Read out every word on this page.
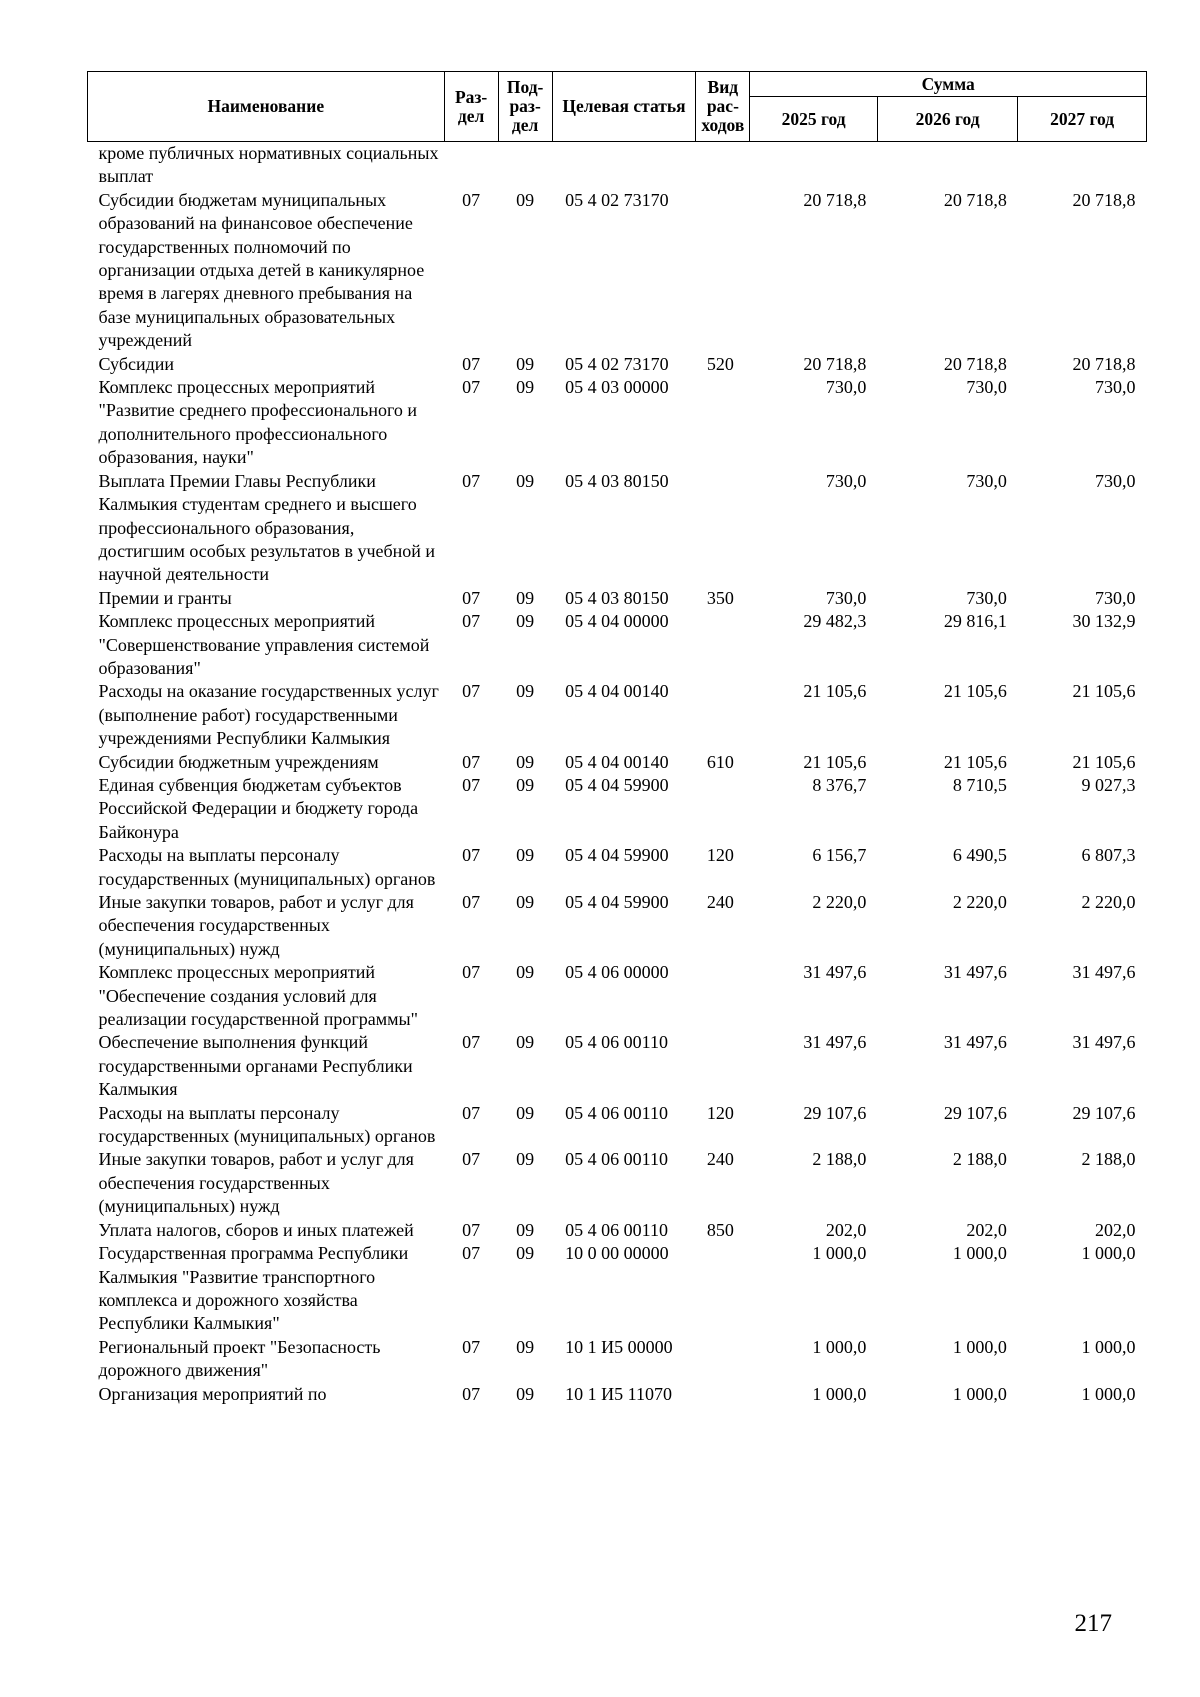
Наименование	Раз- дел	Под- раз- дел	Целевая статья	Вид рас- ходов	Сумма		
					2025 год	2026 год	2027 год
кроме публичных нормативных социальных выплат							
Субсидии бюджетам муниципальных образований на финансовое обеспечение государственных полномочий по организации отдыха детей в каникулярное время в лагерях дневного пребывания на базе муниципальных образовательных учреждений	07	09	05 4 02 73170		20 718,8	20 718,8	20 718,8
Субсидии	07	09	05 4 02 73170	520	20 718,8	20 718,8	20 718,8
Комплекс процессных мероприятий "Развитие среднего профессионального и дополнительного профессионального образования, науки"	07	09	05 4 03 00000		730,0	730,0	730,0
Выплата Премии Главы Республики Калмыкия студентам среднего и высшего профессионального образования, достигшим особых результатов в учебной и научной деятельности	07	09	05 4 03 80150		730,0	730,0	730,0
Премии и гранты	07	09	05 4 03 80150	350	730,0	730,0	730,0
Комплекс процессных мероприятий "Совершенствование управления системой образования"	07	09	05 4 04 00000		29 482,3	29 816,1	30 132,9
Расходы на оказание государственных услуг (выполнение работ) государственными учреждениями Республики Калмыкия	07	09	05 4 04 00140		21 105,6	21 105,6	21 105,6
Субсидии бюджетным учреждениям	07	09	05 4 04 00140	610	21 105,6	21 105,6	21 105,6
Единая субвенция бюджетам субъектов Российской Федерации и бюджету города Байконура	07	09	05 4 04 59900		8 376,7	8 710,5	9 027,3
Расходы на выплаты персоналу государственных (муниципальных) органов	07	09	05 4 04 59900	120	6 156,7	6 490,5	6 807,3
Иные закупки товаров, работ и услуг для обеспечения государственных (муниципальных) нужд	07	09	05 4 04 59900	240	2 220,0	2 220,0	2 220,0
Комплекс процессных мероприятий "Обеспечение создания условий для реализации государственной программы"	07	09	05 4 06 00000		31 497,6	31 497,6	31 497,6
Обеспечение выполнения функций государственными органами Республики Калмыкия	07	09	05 4 06 00110		31 497,6	31 497,6	31 497,6
Расходы на выплаты персоналу государственных (муниципальных) органов	07	09	05 4 06 00110	120	29 107,6	29 107,6	29 107,6
Иные закупки товаров, работ и услуг для обеспечения государственных (муниципальных) нужд	07	09	05 4 06 00110	240	2 188,0	2 188,0	2 188,0
Уплата налогов, сборов и иных платежей	07	09	05 4 06 00110	850	202,0	202,0	202,0
Государственная программа Республики Калмыкия "Развитие транспортного комплекса и дорожного хозяйства Республики Калмыкия"	07	09	10 0 00 00000		1 000,0	1 000,0	1 000,0
Региональный проект "Безопасность дорожного движения"	07	09	10 1 И5 00000		1 000,0	1 000,0	1 000,0
Организация мероприятий по	07	09	10 1 И5 11070		1 000,0	1 000,0	1 000,0
217
